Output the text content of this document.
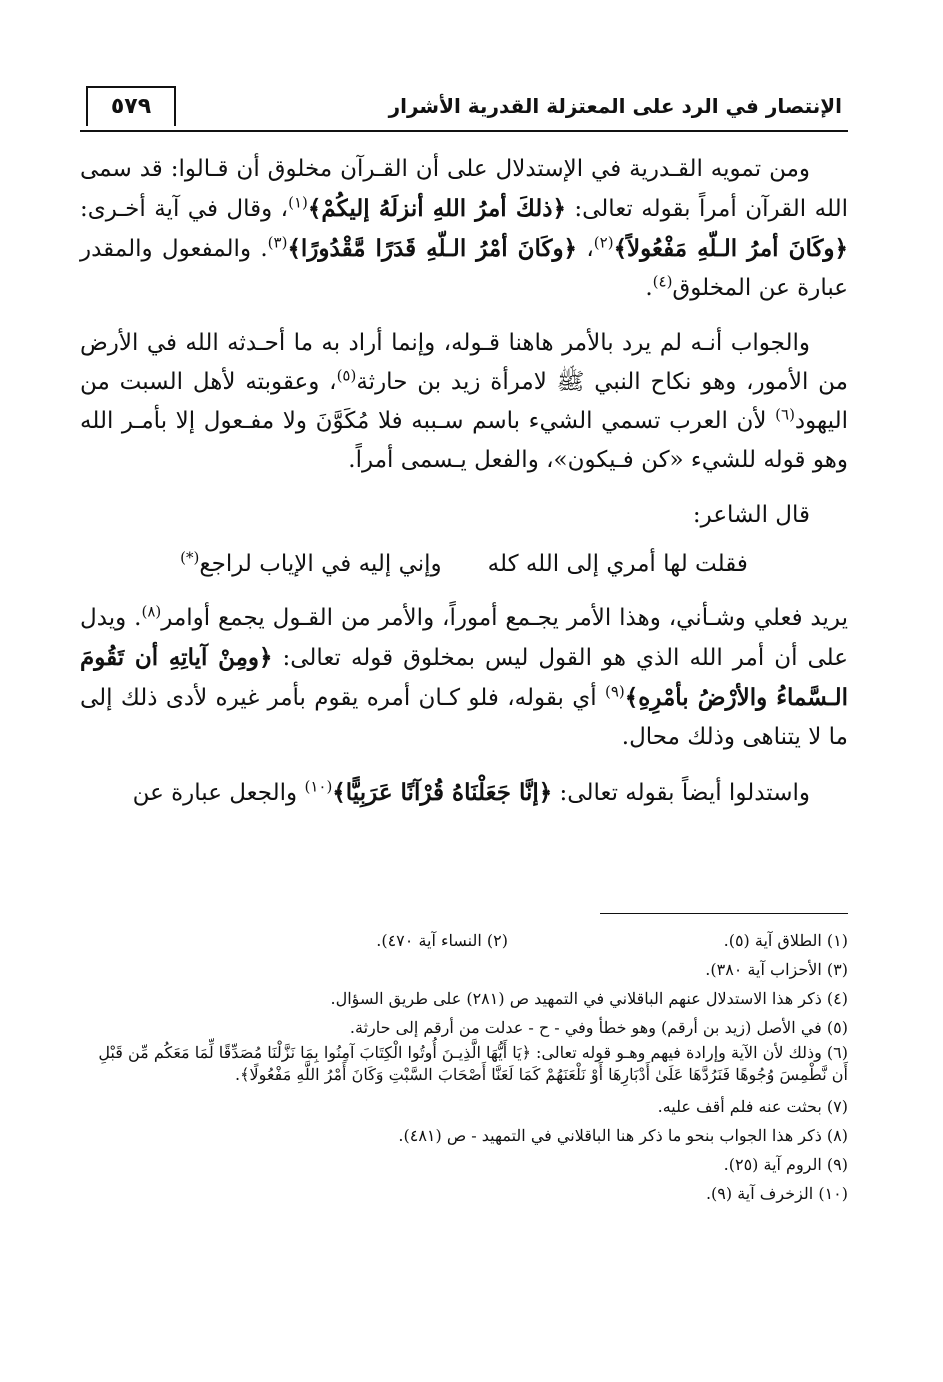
٥٧٩	الإنتصار في الرد على المعتزلة القدرية الأشرار

ومن تمويه القـدرية في الإستدلال على أن القـرآن مخلوق أن قـالوا: قد سمى الله القرآن أمراً بقوله تعالى: ﴿ذلكَ أمرُ اللهِ أنزلَهُ إليكُمْ﴾$^{(١)}$، وقال في آية أخـرى: ﴿وكَانَ أمرُ الـلّهِ مَفْعُولاً﴾$^{(٢)}$، ﴿وكَانَ أمْرُ الـلّهِ قَدَرًا مَّقْدُورًا﴾$^{(٣)}$. والمفعول والمقدر عبارة عن المخلوق$^{(٤)}$.

والجواب أنـه لم يرد بالأمر هاهنا قـوله، وإنما أراد به ما أحـدثه الله في الأرض من الأمور، وهو نكاح النبي ﷺ لامرأة زيد بن حارثة$^{(٥)}$، وعقوبته لأهل السبت من اليهود$^{(٦)}$ لأن العرب تسمي الشيء باسم سـببه فلا مُكَوَّنَ ولا مفـعول إلا بأمـر الله وهو قوله للشيء «كن فـيكون»، والفعل يـسمى أمراً.

قال الشاعر:

فقلت لها أمري إلى الله كله
وإني إليه في الإياب لراجع(*)

يريد فعلي وشـأني، وهذا الأمر يجـمع أموراً، والأمر من القـول يجمع أوامر$^{(٨)}$. ويدل على أن أمر الله الذي هو القول ليس بمخلوق قوله تعالى: ﴿ومِنْ آياتِهِ أن تَقُومَ الـسَّماءُ والأرْضُ بأمْرِهِ﴾$^{(٩)}$ أي بقوله، فلو كـان أمره يقوم بأمر غيره لأدى ذلك إلى ما لا يتناهى وذلك محال.

واستدلوا أيضاً بقوله تعالى: ﴿إنَّا جَعَلْنَاهُ قُرْآنًا عَرَبِيًّا﴾$^{(١٠)}$ والجعل عبارة عن

(١) الطلاق آية (٥).
(٢) النساء آية ٤٧٠).

(٣) الأحزاب آية ٣٨٠).

(٤) ذكر هذا الاستدلال عنهم الباقلاني في التمهيد ص (٢٨١) على طريق السؤال.

(٥) في الأصل (زيد بن أرقم) وهو خطأ وفي - ح - عدلت من أرقم إلى حارثة.

(٦) وذلك لأن الآية وإرادة فيهم وهـو قوله تعالى: ﴿يَا أَيُّهَا الَّذِيـنَ أُوتُوا الْكِتَابَ آمِنُوا بِمَا نَزَّلْنَا مُصَدِّقًا لِّمَا مَعَكُم مِّن قَبْلِ أَن نَّطْمِسَ وُجُوهًا فَنَرُدَّهَا عَلَىٰ أَدْبَارِهَا أَوْ نَلْعَنَهُمْ كَمَا لَعَنَّا أَصْحَابَ السَّبْتِ وَكَانَ أَمْرُ اللَّهِ مَفْعُولًا﴾.

(٧) بحثت عنه فلم أقف عليه.

(٨) ذكر هذا الجواب بنحو ما ذكر هنا الباقلاني في التمهيد - ص (٤٨١).

(٩) الروم آية (٢٥).

(١٠) الزخرف آية (٩).
